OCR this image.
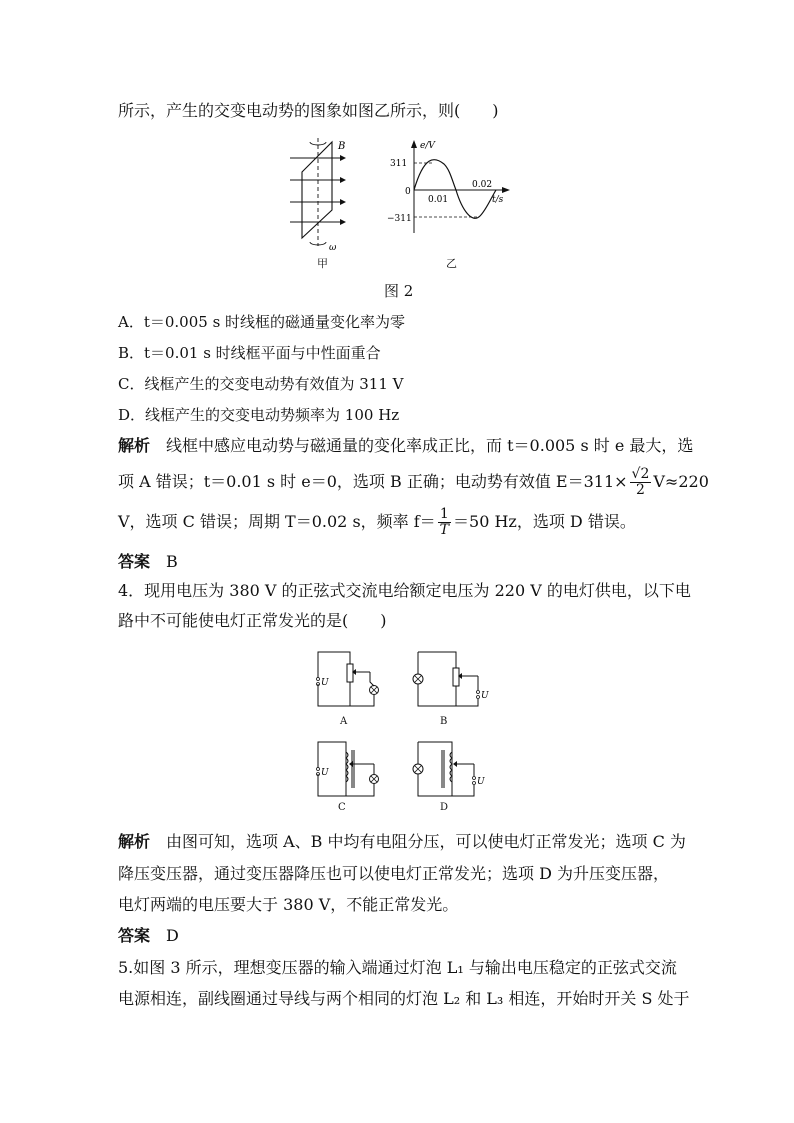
所示，产生的交变电动势的图象如图乙所示，则(　　)
B
ω
甲
e/V
t/s
311
−311
0
0.01
0.02
乙
图 2
A．t＝0.005 s 时线框的磁通量变化率为零
B．t＝0.01 s 时线框平面与中性面重合
C．线框产生的交变电动势有效值为 311 V
D．线框产生的交变电动势频率为 100 Hz
解析　 线框中感应电动势与磁通量的变化率成正比，而 t＝0.005 s 时 e 最大，选
项 A 错误；t＝0.01 s 时 e＝0，选项 B 正确；电动势有效值 $E=311\times \frac{√2}{2} V\approx 220$
V，选项 C 错误；周期 T＝0.02 s，频率 $f= \frac{1}{T} =50$ Hz，选项 D 错误。
答案　 B
4．现用电压为 380 V 的正弦式交流电给额定电压为 220 V 的电灯供电，以下电
路中不可能使电灯正常发光的是(　　)
U
A
U
B
U
C
U
D
解析　 由图可知，选项 A、B 中均有电阻分压，可以使电灯正常发光；选项 C 为
降压变压器，通过变压器降压也可以使电灯正常发光；选项 D 为升压变压器，
电灯两端的电压要大于 380 V，不能正常发光。
答案　 D
5.如图 3 所示，理想变压器的输入端通过灯泡 L₁ 与输出电压稳定的正弦式交流
电源相连，副线圈通过导线与两个相同的灯泡 L₂ 和 L₃ 相连，开始时开关 S 处于
